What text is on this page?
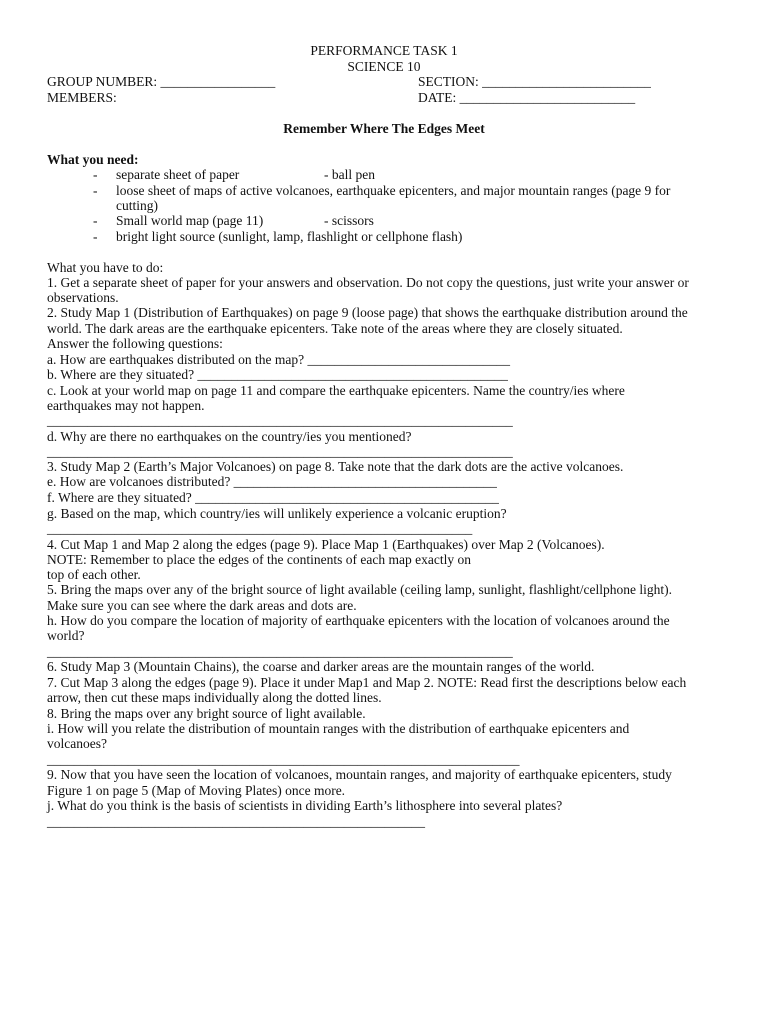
PERFORMANCE TASK 1
SCIENCE 10
GROUP NUMBER: _________________	SECTION: _________________________
MEMBERS:	DATE: __________________________
Remember Where The Edges Meet
What you need:
- separate sheet of paper	- ball pen
- loose sheet of maps of active volcanoes, earthquake epicenters, and major mountain ranges (page 9 for
cutting)
- Small world map (page 11)	- scissors
- bright light source (sunlight, lamp, flashlight or cellphone flash)
What you have to do:
1. Get a separate sheet of paper for your answers and observation. Do not copy the questions, just write your answer or
observations.
2. Study Map 1 (Distribution of Earthquakes) on page 9 (loose page) that shows the earthquake distribution around the
world. The dark areas are the earthquake epicenters. Take note of the areas where they are closely situated.
Answer the following questions:
a. How are earthquakes distributed on the map? ______________________________
b. Where are they situated? ______________________________________________
c. Look at your world map on page 11 and compare the earthquake epicenters. Name the country/ies where
earthquakes may not happen.
_____________________________________________________________________
d. Why are there no earthquakes on the country/ies you mentioned?
_____________________________________________________________________
3. Study Map 2 (Earth’s Major Volcanoes) on page 8. Take note that the dark dots are the active volcanoes.
e. How are volcanoes distributed? _______________________________________
f. Where are they situated? _____________________________________________
g. Based on the map, which country/ies will unlikely experience a volcanic eruption?
_______________________________________________________________
4. Cut Map 1 and Map 2 along the edges (page 9). Place Map 1 (Earthquakes) over Map 2 (Volcanoes).
NOTE: Remember to place the edges of the continents of each map exactly on
top of each other.
5. Bring the maps over any of the bright source of light available (ceiling lamp, sunlight, flashlight/cellphone light).
Make sure you can see where the dark areas and dots are.
h. How do you compare the location of majority of earthquake epicenters with the location of volcanoes around the
world?
_____________________________________________________________________
6. Study Map 3 (Mountain Chains), the coarse and darker areas are the mountain ranges of the world.
7. Cut Map 3 along the edges (page 9). Place it under Map1 and Map 2. NOTE: Read first the descriptions below each
arrow, then cut these maps individually along the dotted lines.
8. Bring the maps over any bright source of light available.
i. How will you relate the distribution of mountain ranges with the distribution of earthquake epicenters and
volcanoes?
______________________________________________________________________
9. Now that you have seen the location of volcanoes, mountain ranges, and majority of earthquake epicenters, study
Figure 1 on page 5 (Map of Moving Plates) once more.
j. What do you think is the basis of scientists in dividing Earth’s lithosphere into several plates?
________________________________________________________
